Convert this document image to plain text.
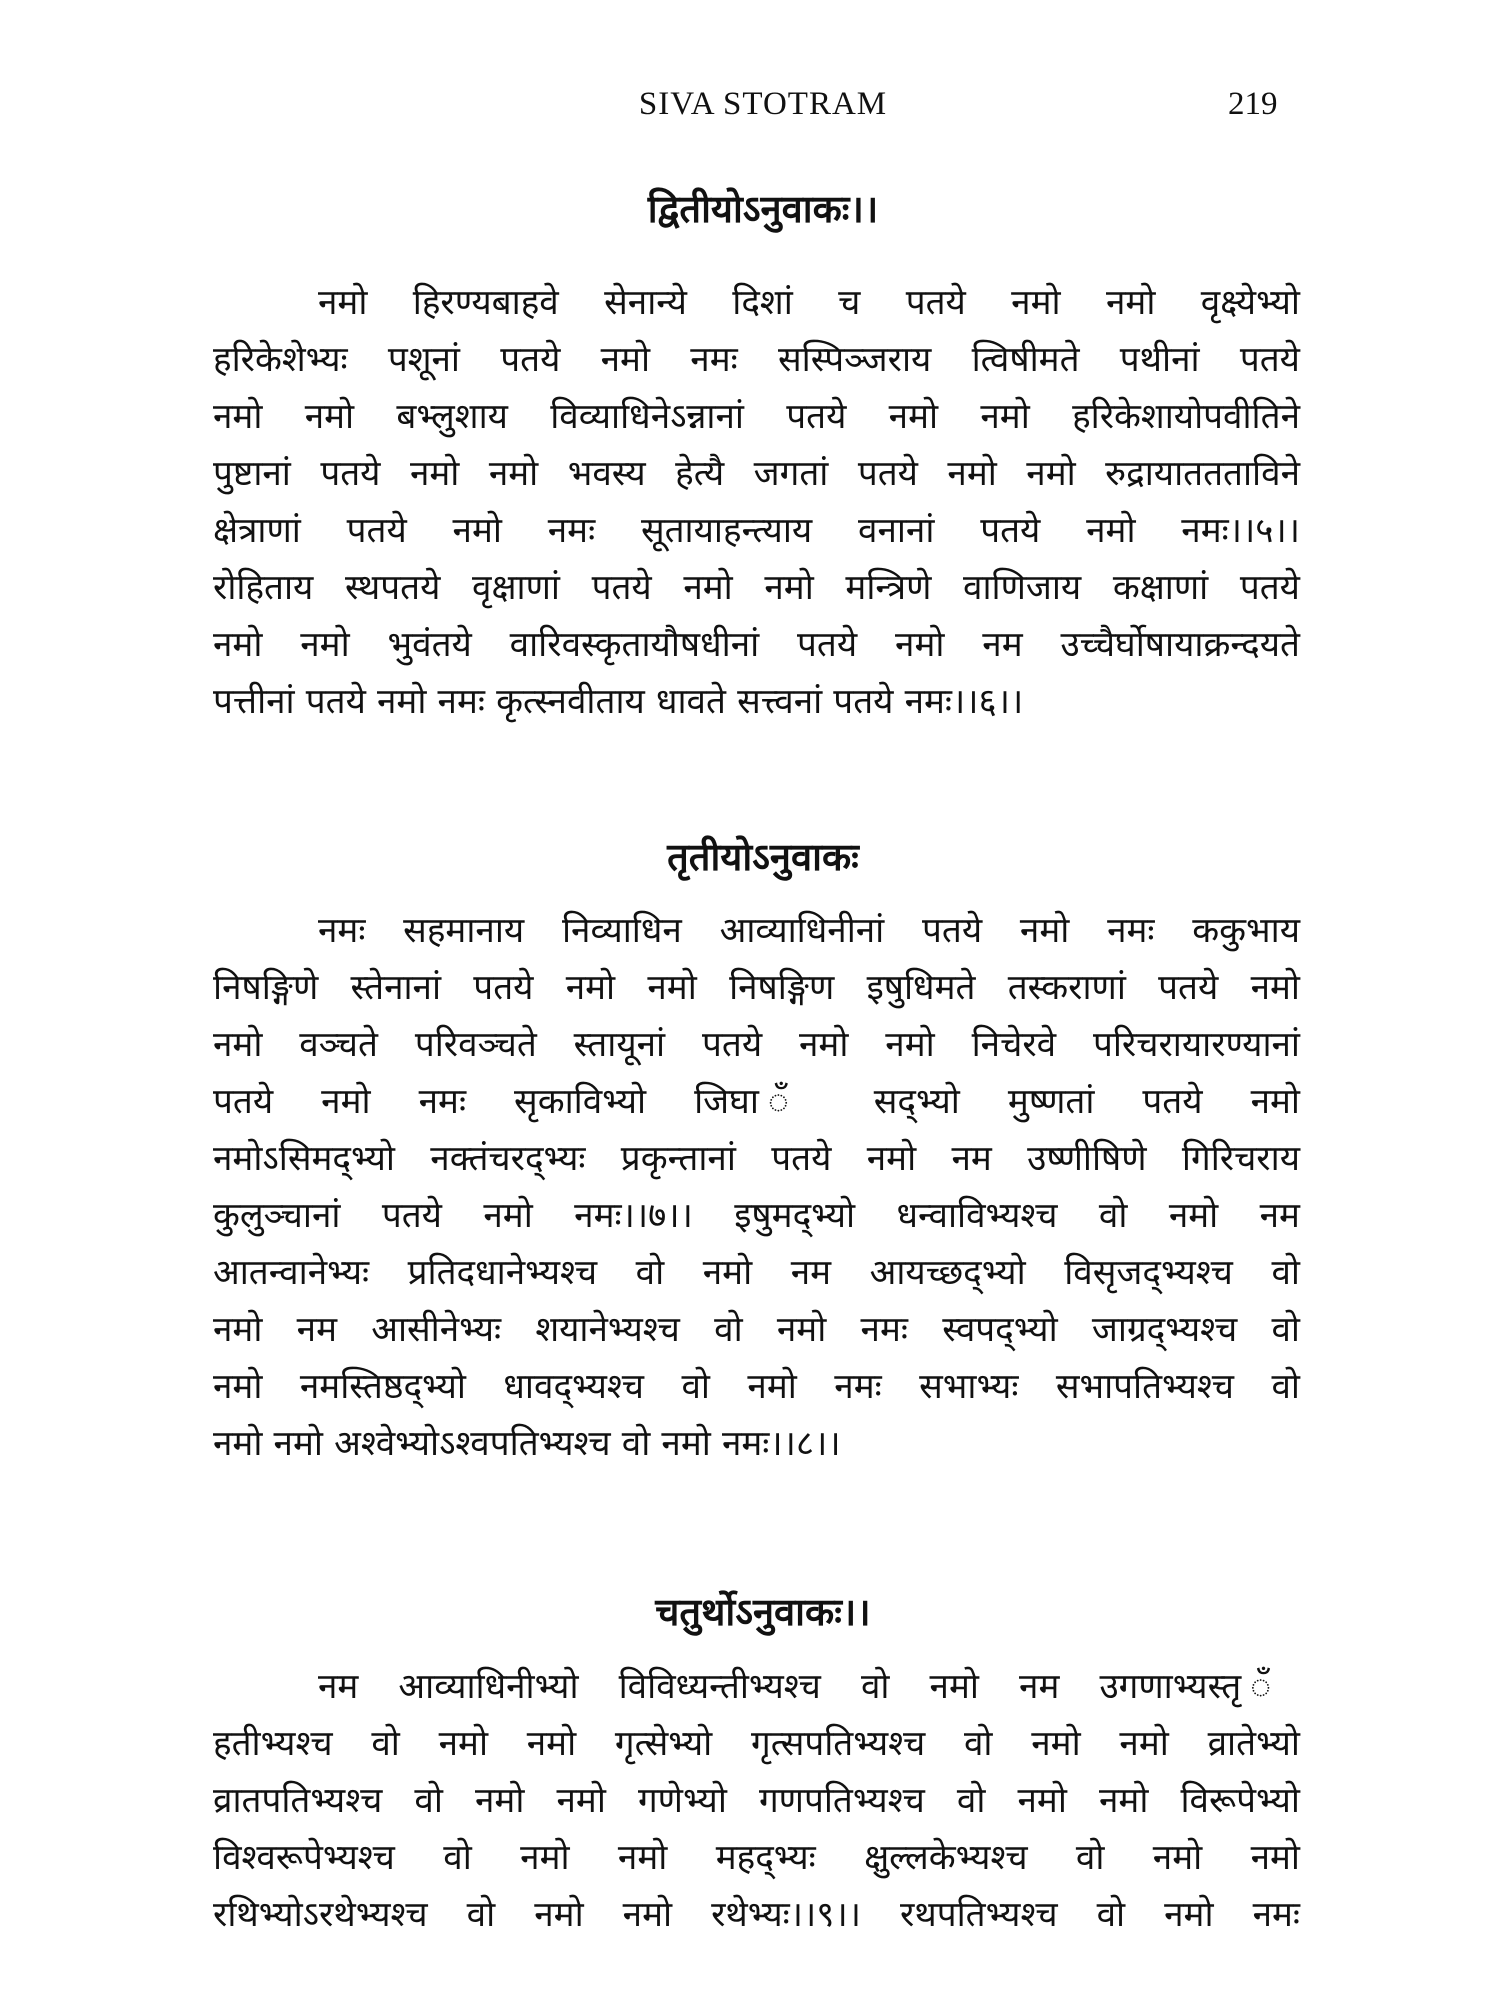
SIVA STOTRAM	219
द्वितीयोऽनुवाकः।।
नमो हिरण्यबाहवे सेनान्ये दिशां च पतये नमो नमो वृक्ष्येभ्यो
हरिकेशेभ्यः पशूनां पतये नमो नमः सस्पिञ्जराय त्विषीमते पथीनां पतये
नमो नमो बभ्लुशाय विव्याधिनेऽन्नानां पतये नमो नमो हरिकेशायोपवीतिने
पुष्टानां पतये नमो नमो भवस्य हेत्यै जगतां पतये नमो नमो रुद्रायाततताविने
क्षेत्राणां पतये नमो नमः सूतायाहन्त्याय वनानां पतये नमो नमः।।५।।
रोहिताय स्थपतये वृक्षाणां पतये नमो नमो मन्त्रिणे वाणिजाय कक्षाणां पतये
नमो नमो भुवंतये वारिवस्कृतायौषधीनां पतये नमो नम उच्चैर्घोषायाक्रन्दयते
पत्तीनां पतये नमो नमः कृत्स्नवीताय धावते सत्त्वनां पतये नमः।।६।।
तृतीयोऽनुवाकः
नमः सहमानाय निव्याधिन आव्याधिनीनां पतये नमो नमः ककुभाय
निषङ्गिणे स्तेनानां पतये नमो नमो निषङ्गिण इषुधिमते तस्कराणां पतये नमो
नमो वञ्चते परिवञ्चते स्तायूनां पतये नमो नमो निचेरवे परिचरायारण्यानां
पतये नमो नमः सृकाविभ्यो जिघा ँ सद्भ्यो मुष्णतां पतये नमो
नमोऽसिमद्भ्यो नक्तंचरद्भ्यः प्रकृन्तानां पतये नमो नम उष्णीषिणे गिरिचराय
कुलुञ्चानां पतये नमो नमः।।७।। इषुमद्भ्यो धन्वाविभ्यश्च वो नमो नम
आतन्वानेभ्यः प्रतिदधानेभ्यश्च वो नमो नम आयच्छद्भ्यो विसृजद्भ्यश्च वो
नमो नम आसीनेभ्यः शयानेभ्यश्च वो नमो नमः स्वपद्भ्यो जाग्रद्भ्यश्च वो
नमो नमस्तिष्ठद्भ्यो धावद्भ्यश्च वो नमो नमः सभाभ्यः सभापतिभ्यश्च वो
नमो नमो अश्वेभ्योऽश्वपतिभ्यश्च वो नमो नमः।।८।।
चतुर्थोऽनुवाकः।।
नम आव्याधिनीभ्यो विविध्यन्तीभ्यश्च वो नमो नम उगणाभ्यस्तृ ँ
हतीभ्यश्च वो नमो नमो गृत्सेभ्यो गृत्सपतिभ्यश्च वो नमो नमो व्रातेभ्यो
व्रातपतिभ्यश्च वो नमो नमो गणेभ्यो गणपतिभ्यश्च वो नमो नमो विरूपेभ्यो
विश्वरूपेभ्यश्च वो नमो नमो महद्भ्यः क्षुल्लकेभ्यश्च वो नमो नमो
रथिभ्योऽरथेभ्यश्च वो नमो नमो रथेभ्यः।।९।। रथपतिभ्यश्च वो नमो नमः
